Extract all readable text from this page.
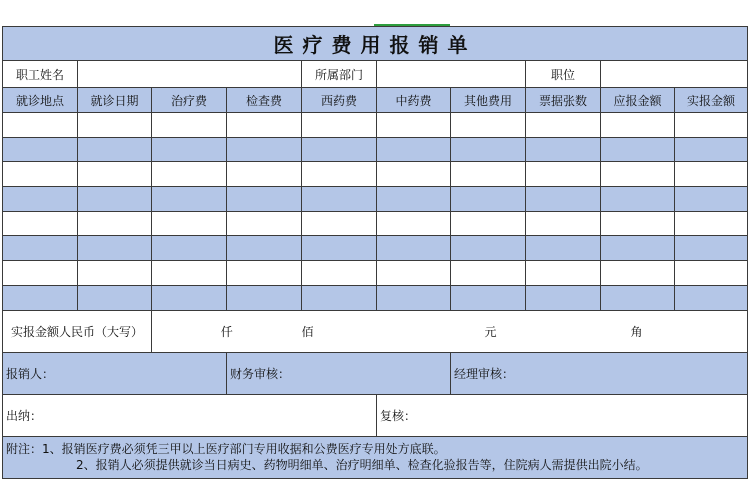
医疗费用报销单									
职工姓名				所属部门			职位		
就诊地点	就诊日期	治疗费	检查费	西药费	中药费	其他费用	票据张数	应报金额	实报金额

实报金额人民币（大写）		仟		佰		元		角	
报销人：			财务审核：			经理审核：			
出纳：					复核：				

附注：1、报销医疗费必须凭三甲以上医疗部门专用收据和公费医疗专用处方底联。
2、报销人必须提供就诊当日病史、药物明细单、治疗明细单、检查化验报告等，住院病人需提供出院小结。									
